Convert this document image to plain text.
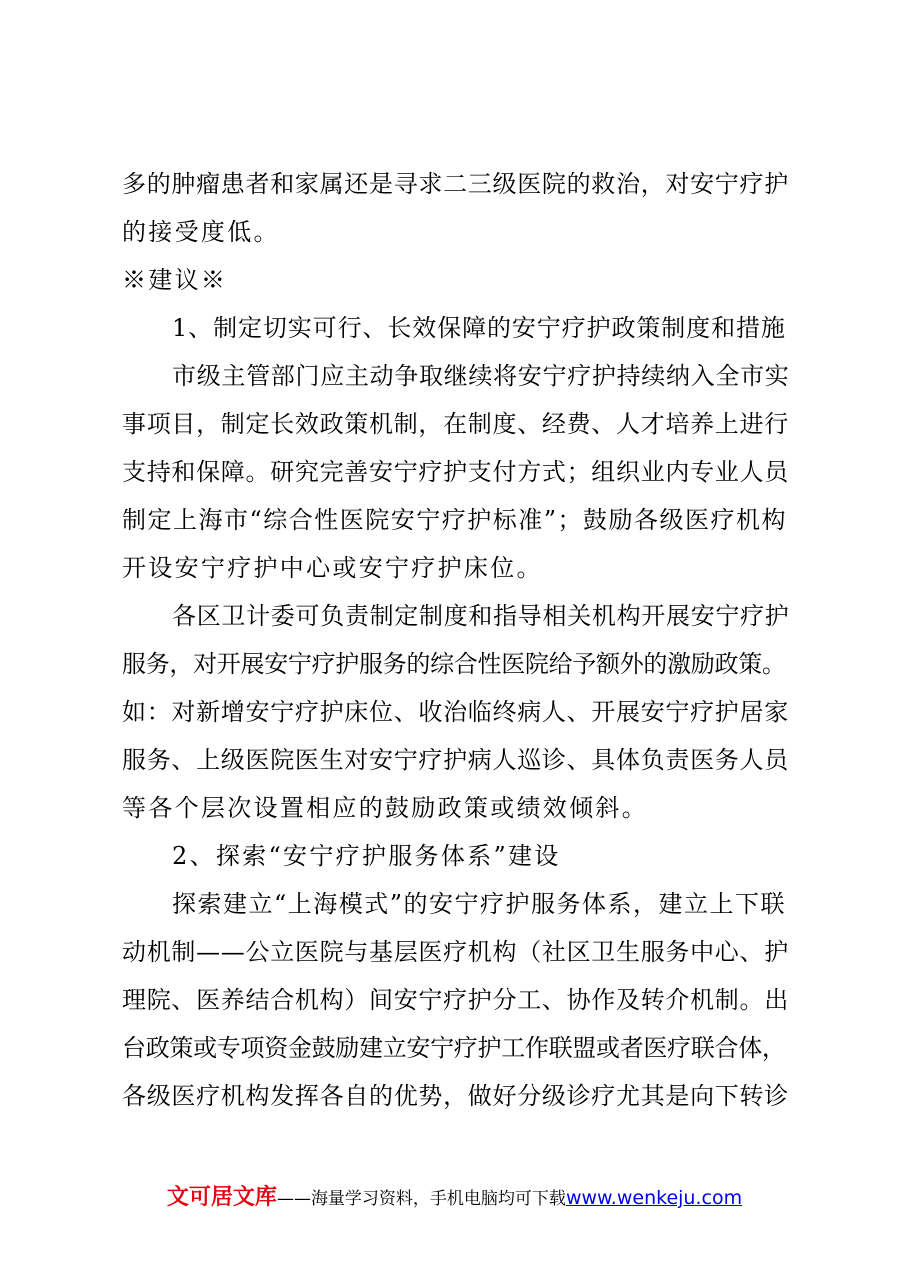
多的肿瘤患者和家属还是寻求二三级医院的救治，对安宁疗护
的接受度低。
※建议※
1、制定切实可行、长效保障的安宁疗护政策制度和措施
市级主管部门应主动争取继续将安宁疗护持续纳入全市实
事项目，制定长效政策机制，在制度、经费、人才培养上进行
支持和保障。研究完善安宁疗护支付方式；组织业内专业人员
制定上海市“综合性医院安宁疗护标准”；鼓励各级医疗机构
开设安宁疗护中心或安宁疗护床位。
各区卫计委可负责制定制度和指导相关机构开展安宁疗护
服务，对开展安宁疗护服务的综合性医院给予额外的激励政策。
如：对新增安宁疗护床位、收治临终病人、开展安宁疗护居家
服务、上级医院医生对安宁疗护病人巡诊、具体负责医务人员
等各个层次设置相应的鼓励政策或绩效倾斜。
2、探索“安宁疗护服务体系”建设
探索建立“上海模式”的安宁疗护服务体系，建立上下联
动机制——公立医院与基层医疗机构（社区卫生服务中心、护
理院、医养结合机构）间安宁疗护分工、协作及转介机制。出
台政策或专项资金鼓励建立安宁疗护工作联盟或者医疗联合体，
各级医疗机构发挥各自的优势，做好分级诊疗尤其是向下转诊
文可居文库——海量学习资料，手机电脑均可下载www.wenkeju.com
